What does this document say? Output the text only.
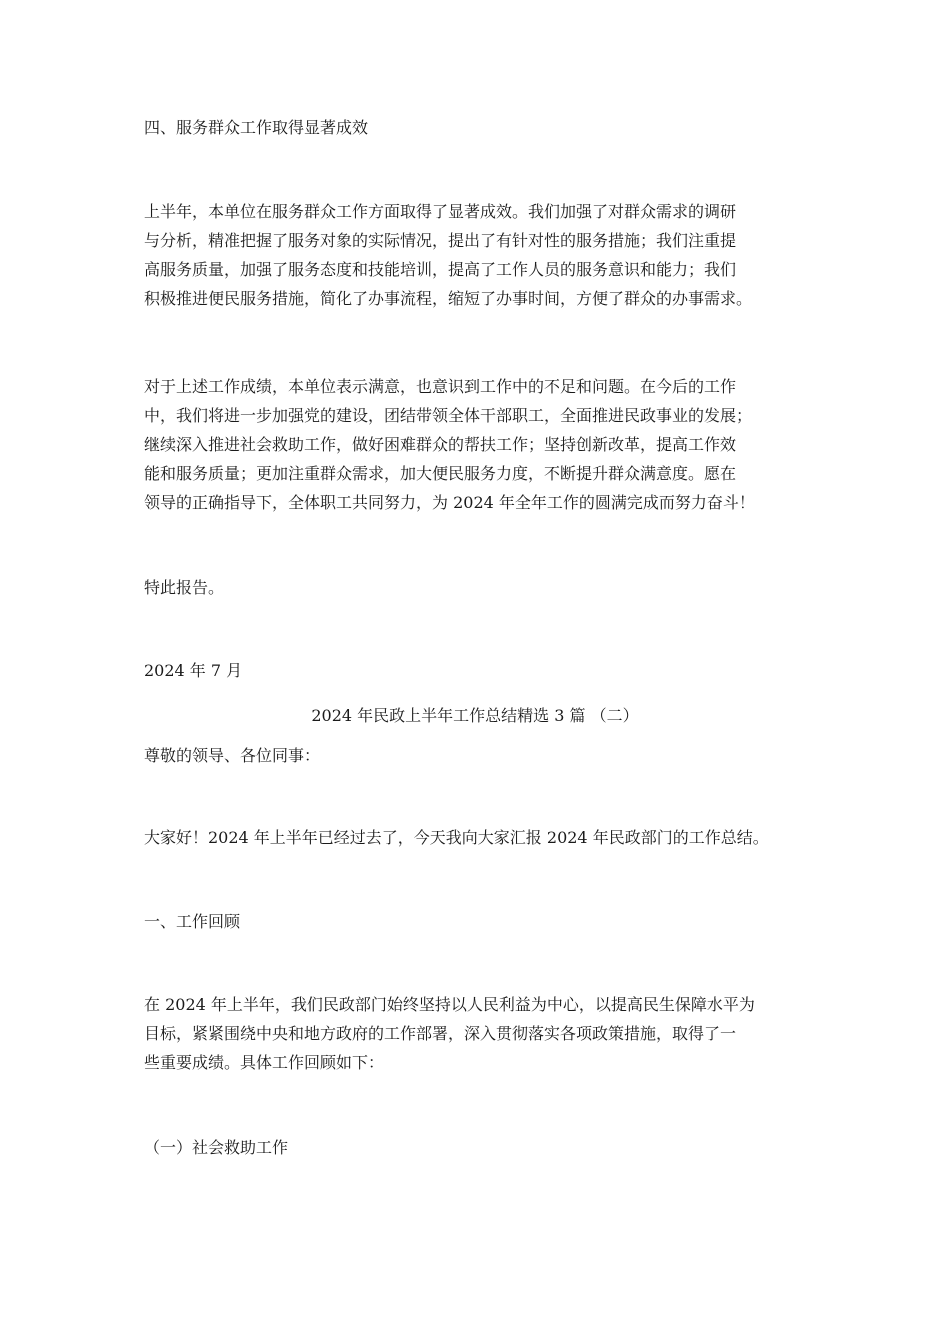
四、服务群众工作取得显著成效
上半年，本单位在服务群众工作方面取得了显著成效。我们加强了对群众需求的调研
与分析，精准把握了服务对象的实际情况，提出了有针对性的服务措施；我们注重提
高服务质量，加强了服务态度和技能培训，提高了工作人员的服务意识和能力；我们
积极推进便民服务措施，简化了办事流程，缩短了办事时间，方便了群众的办事需求。
对于上述工作成绩，本单位表示满意，也意识到工作中的不足和问题。在今后的工作
中，我们将进一步加强党的建设，团结带领全体干部职工，全面推进民政事业的发展；
继续深入推进社会救助工作，做好困难群众的帮扶工作；坚持创新改革，提高工作效
能和服务质量；更加注重群众需求，加大便民服务力度，不断提升群众满意度。愿在
领导的正确指导下，全体职工共同努力，为 2024 年全年工作的圆满完成而努力奋斗！
特此报告。
2024 年 7 月
2024 年民政上半年工作总结精选 3 篇 （二）
尊敬的领导、各位同事：
大家好！2024 年上半年已经过去了，今天我向大家汇报 2024 年民政部门的工作总结。
一、工作回顾
在 2024 年上半年，我们民政部门始终坚持以人民利益为中心，以提高民生保障水平为
目标，紧紧围绕中央和地方政府的工作部署，深入贯彻落实各项政策措施，取得了一
些重要成绩。具体工作回顾如下：
（一）社会救助工作
